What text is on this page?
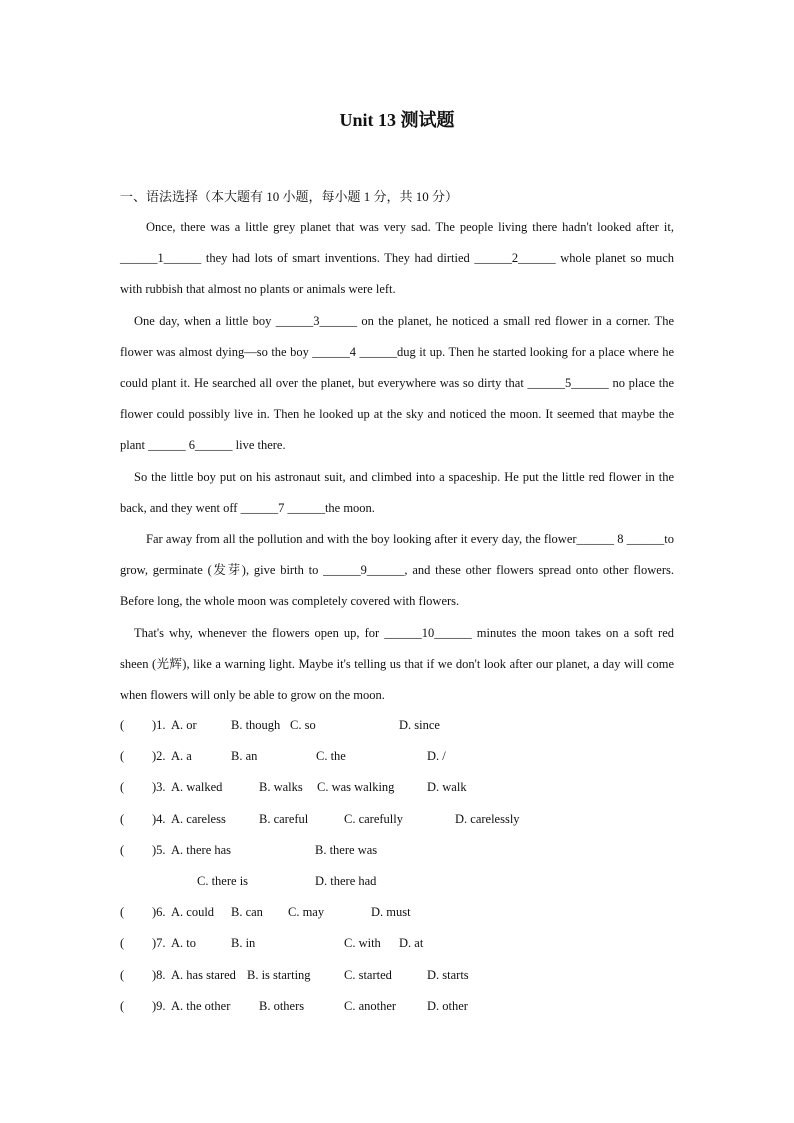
Unit 13 测试题
一、语法选择（本大题有 10 小题，每小题 1 分，共 10 分）

Once, there was a little grey planet that was very sad. The people living there hadn't looked after it, ______1______ they had lots of smart inventions. They had dirtied ______2______ whole planet so much with rubbish that almost no plants or animals were left.

One day, when a little boy ______3______ on the planet, he noticed a small red flower in a corner. The flower was almost dying—so the boy ______4 ______dug it up. Then he started looking for a place where he could plant it. He searched all over the planet, but everywhere was so dirty that ______5______ no place the flower could possibly live in. Then he looked up at the sky and noticed the moon. It seemed that maybe the plant ______ 6______ live there.

So the little boy put on his astronaut suit, and climbed into a spaceship. He put the little red flower in the back, and they went off ______7 ______the moon.

Far away from all the pollution and with the boy looking after it every day, the flower______ 8 ______to grow, germinate (发芽), give birth to ______9______, and these other flowers spread onto other flowers. Before long, the whole moon was completely covered with flowers.

That's why, whenever the flowers open up, for ______10______ minutes the moon takes on a soft red sheen (光辉), like a warning light. Maybe it's telling us that if we don't look after our planet, a day will come when flowers will only be able to grow on the moon.

( )1. A. or	B. though C. so	D. since
( )2. A. a	B. an	C. the	D. /
( )3. A. walked	B. walks C. was walking	D. walk
( )4. A. careless	B. careful	C. carefully	D. carelessly
( )5. A. there has	B. there was
C. there is	D. there had
( )6. A. could B. can C. may	D. must
( )7. A. to	B. in	C. with D. at
( )8. A. has stared B. is starting	C. started	D. starts
( )9. A. the other B. others	C. another D. other
